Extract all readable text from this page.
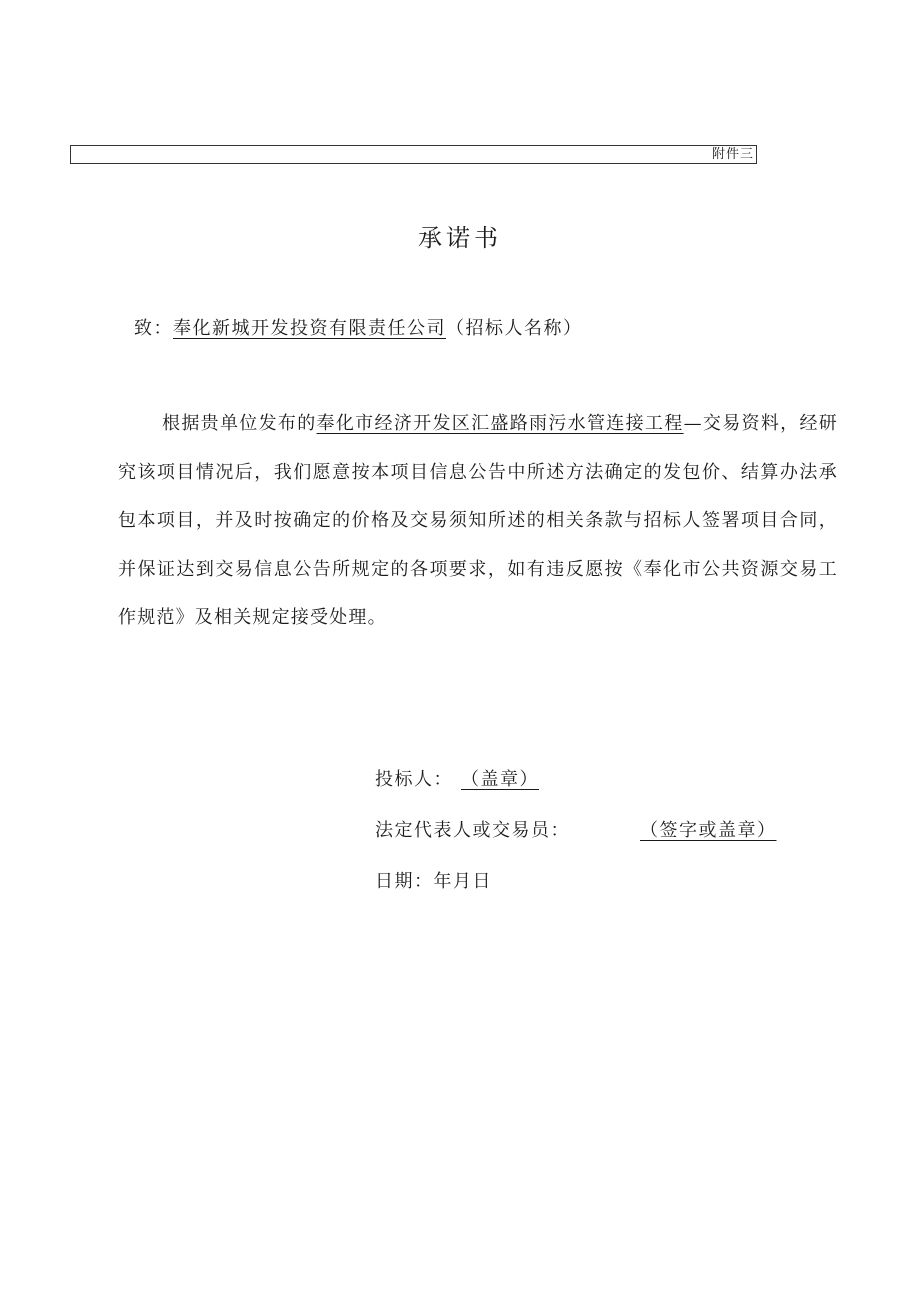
附件三
承诺书
致：奉化新城开发投资有限责任公司（招标人名称）

根据贵单位发布的奉化市经济开发区汇盛路雨污水管连接工程—交易资料，经研究该项目情况后，我们愿意按本项目信息公告中所述方法确定的发包价、结算办法承包本项目，并及时按确定的价格及交易须知所述的相关条款与招标人签署项目合同，并保证达到交易信息公告所规定的各项要求，如有违反愿按《奉化市公共资源交易工作规范》及相关规定接受处理。

投标人： （盖章）
法定代表人或交易员：	（签字或盖章）
日期：年月日
